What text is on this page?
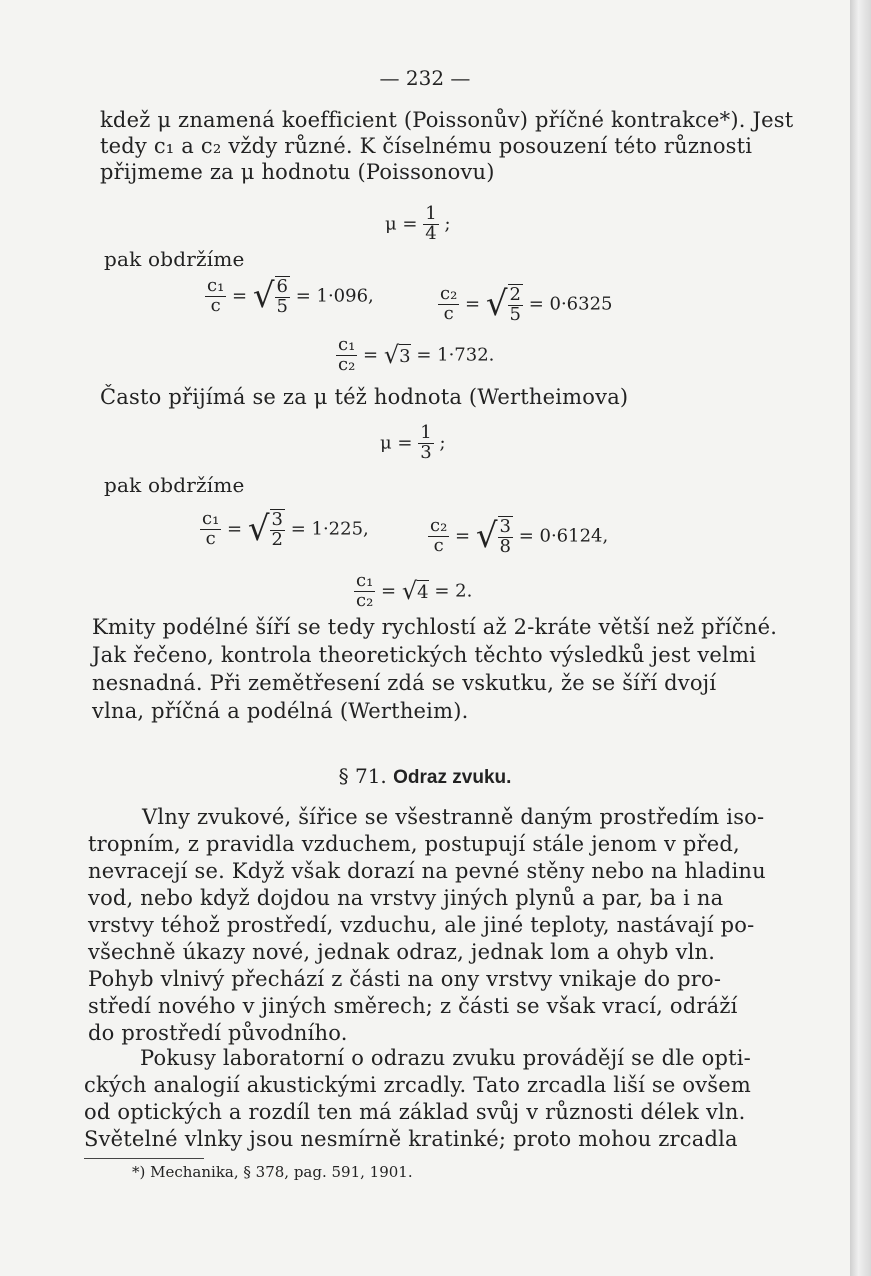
— 232 —
kdež μ znamená koefficient (Poissonův) příčné kontrakce*). Jest
tedy c₁ a c₂ vždy různé. K číselnému posouzení této různosti
přijmeme za μ hodnotu (Poissonovu)
$\mu = \frac{1}{4}$ ;
pak obdržíme
$\frac{\text{c₁}}{c}$ = √ $\frac{6}{5} = 1\cdot 096$,	$\frac{\text{c₂}}{c}$ = √ $\frac{2}{5} = 0\cdot 6325$
$\frac{\text{c₁}}{\text{c₂}}$ = √ 3 = 1·732.
Často přijímá se za μ též hodnota (Wertheimova)
$\mu = \frac{1}{3}$ ;
pak obdržíme
$\frac{\text{c₁}}{c}$ = √ $\frac{3}{2} = 1\cdot 225$,	$\frac{\text{c₂}}{c}$ = √ $\frac{3}{8} = 0\cdot 6124$,
$\frac{\text{c₁}}{\text{c₂}}$ = √ 4 = 2.
Kmity podélné šíří se tedy rychlostí až 2-kráte větší než příčné.
Jak řečeno, kontrola theoretických těchto výsledků jest velmi
nesnadná. Při zemětřesení zdá se vskutku, že se šíří dvojí
vlna, příčná a podélná (Wertheim).
§ 71. Odraz zvuku.
Vlny zvukové, šířice se všestranně daným prostředím iso-
tropním, z pravidla vzduchem, postupují stále jenom v před,
nevracejí se. Když však dorazí na pevné stěny nebo na hladinu
vod, nebo když dojdou na vrstvy jiných plynů a par, ba i na
vrstvy téhož prostředí, vzduchu, ale jiné teploty, nastávají po-
všechně úkazy nové, jednak odraz, jednak lom a ohyb vln.
Pohyb vlnivý přechází z části na ony vrstvy vnikaje do pro-
středí nového v jiných směrech; z části se však vrací, odráží
do prostředí původního.
Pokusy laboratorní o odrazu zvuku provádějí se dle opti-
ckých analogií akustickými zrcadly. Tato zrcadla liší se ovšem
od optických a rozdíl ten má základ svůj v různosti délek vln.
Světelné vlnky jsou nesmírně kratinké; proto mohou zrcadla
*) Mechanika, § 378, pag. 591, 1901.
